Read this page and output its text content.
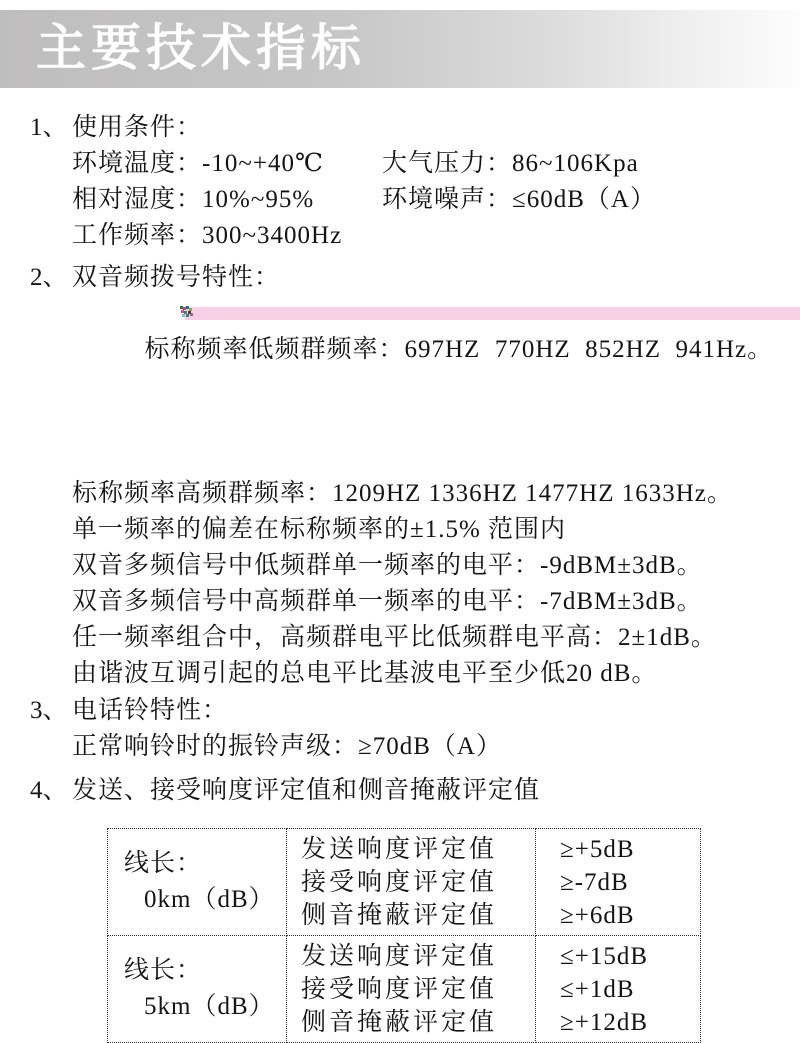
主要技术指标
1、 使用条件：
环境温度：-10~+40℃ 大气压力：86~106Kpa
相对湿度：10%~95%	环境噪声：≤60dB（A）
工作频率：300~3400Hz
2、 双音频拨号特性：

标称频率低频群频率：697HZ  770HZ  852HZ  941Hz。

标称频率高频群频率：1209HZ 1336HZ 1477HZ 1633Hz。
单一频率的偏差在标称频率的±1.5% 范围内
双音多频信号中低频群单一频率的电平：-9dBM±3dB。
双音多频信号中高频群单一频率的电平：-7dBM±3dB。
任一频率组合中，高频群电平比低频群电平高：2±1dB。
由谐波互调引起的总电平比基波电平至少低20 dB。
3、 电话铃特性：
正常响铃时的振铃声级：≥70dB（A）
4、 发送、接受响度评定值和侧音掩蔽评定值
线长：
0km（dB）

发送响度评定值
接受响度评定值
侧音掩蔽评定值

≥+5dB
≥-7dB
≥+6dB

线长：
5km（dB）

发送响度评定值
接受响度评定值
侧音掩蔽评定值

≤+15dB
≤+1dB
≥+12dB
